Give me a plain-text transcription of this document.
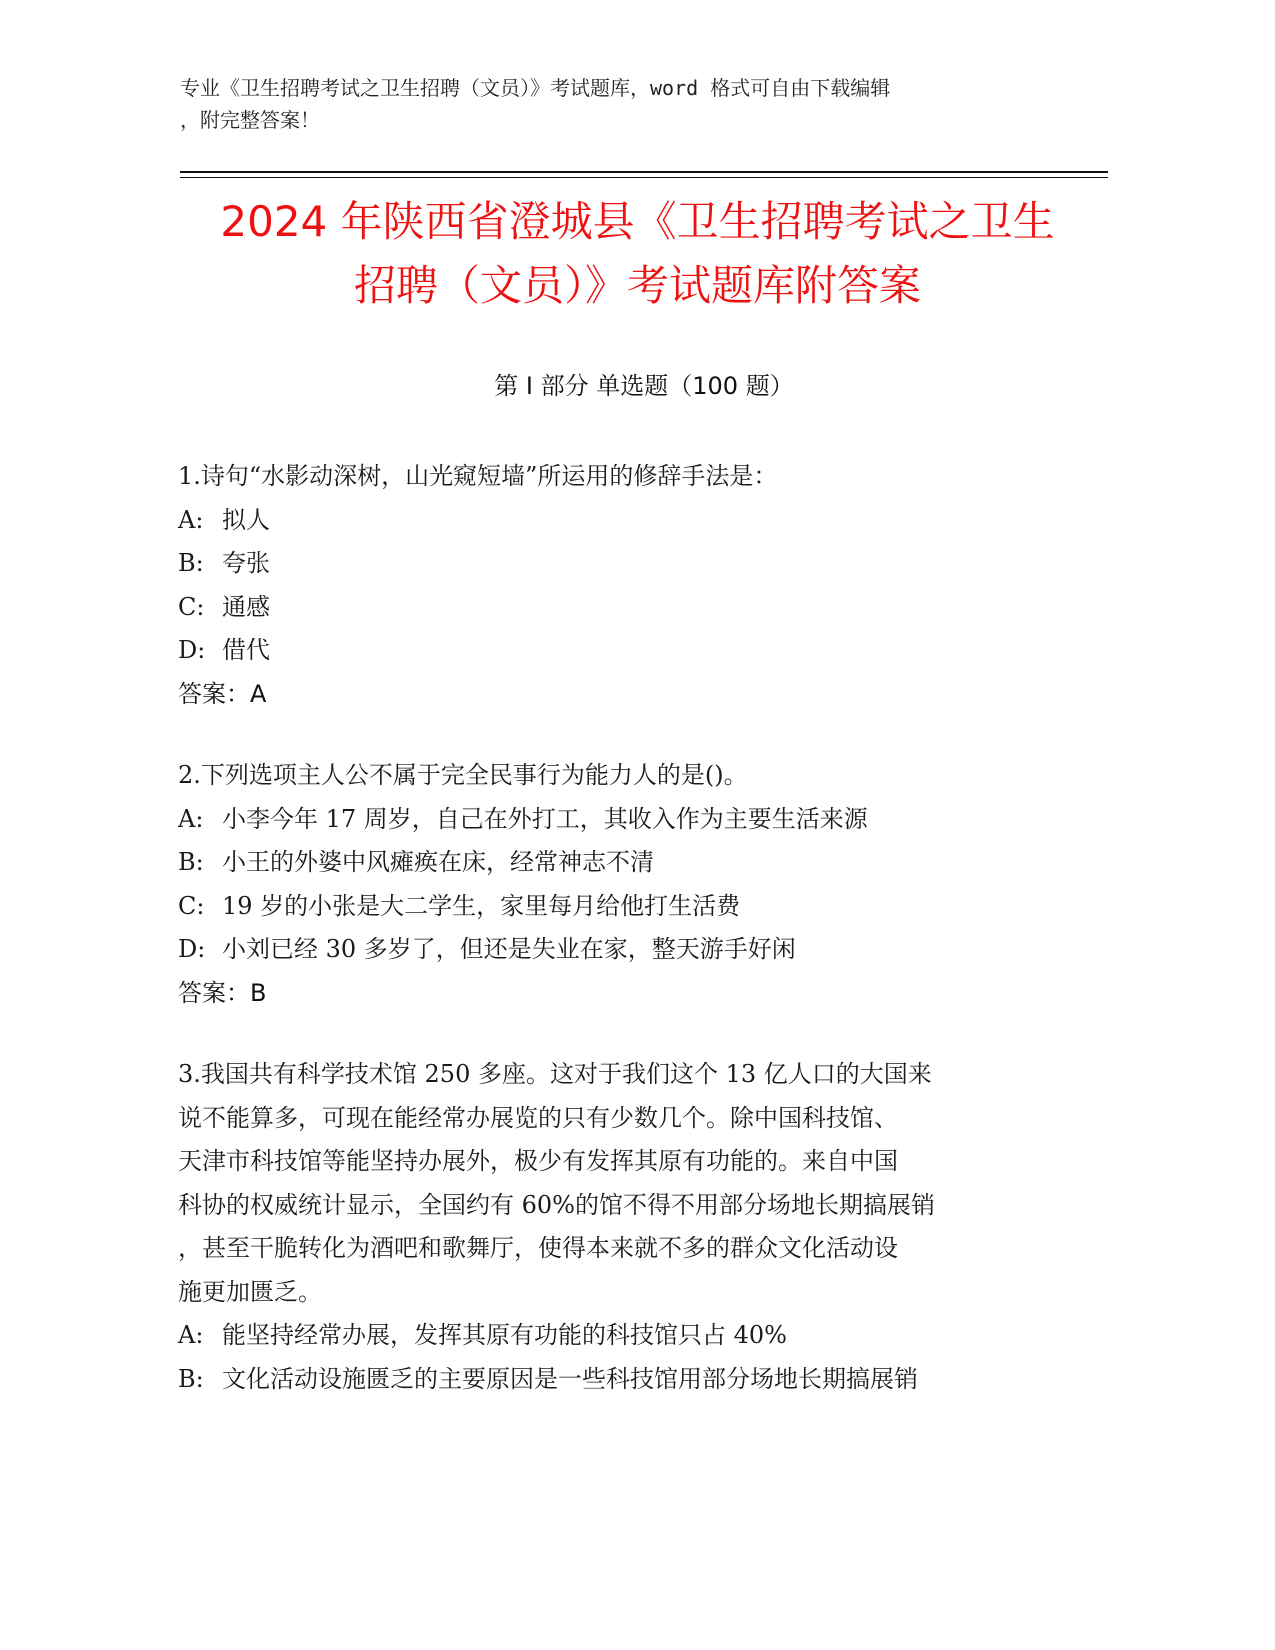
专业《卫生招聘考试之卫生招聘（文员）》考试题库，word 格式可自由下载编辑
，附完整答案！
2024 年陕西省澄城县《卫生招聘考试之卫生
招聘（文员）》考试题库附答案
第 I 部分 单选题（100 题）
1.诗句“水影动深树，山光窥短墙”所运用的修辞手法是：
A: 拟人
B: 夸张
C: 通感
D: 借代
答案：A
2.下列选项主人公不属于完全民事行为能力人的是()。
A: 小李今年 17 周岁，自己在外打工，其收入作为主要生活来源
B: 小王的外婆中风瘫痪在床，经常神志不清
C: 19 岁的小张是大二学生，家里每月给他打生活费
D: 小刘已经 30 多岁了，但还是失业在家，整天游手好闲
答案：B
3.我国共有科学技术馆 250 多座。这对于我们这个 13 亿人口的大国来
说不能算多，可现在能经常办展览的只有少数几个。除中国科技馆、
天津市科技馆等能坚持办展外，极少有发挥其原有功能的。来自中国
科协的权威统计显示，全国约有 60%的馆不得不用部分场地长期搞展销
，甚至干脆转化为酒吧和歌舞厅，使得本来就不多的群众文化活动设
施更加匮乏。
A: 能坚持经常办展，发挥其原有功能的科技馆只占 40%
B: 文化活动设施匮乏的主要原因是一些科技馆用部分场地长期搞展销
